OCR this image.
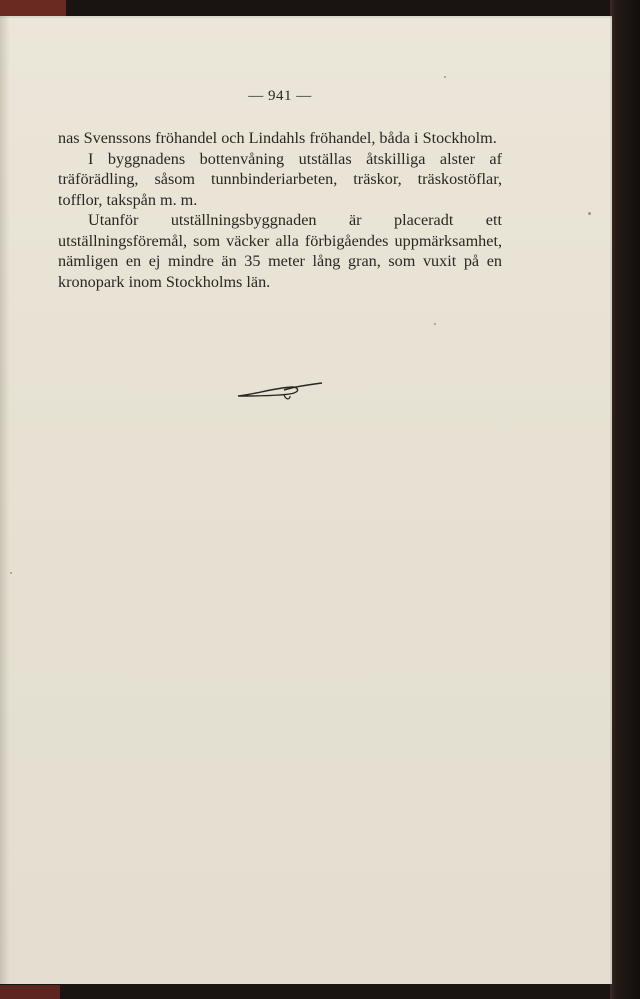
— 941 —

nas Svenssons fröhandel och Lindahls fröhandel, båda i Stockholm.

I byggnadens bottenvåning utställas åtskilliga alster af träförädling, såsom tunnbinderiarbeten, träskor, träskostöflar, tofflor, takspån m. m.

Utanför utställningsbyggnaden är placeradt ett utställningsföremål, som väcker alla förbigåendes uppmärksamhet, nämligen en ej mindre än 35 meter lång gran, som vuxit på en kronopark inom Stockholms län.
